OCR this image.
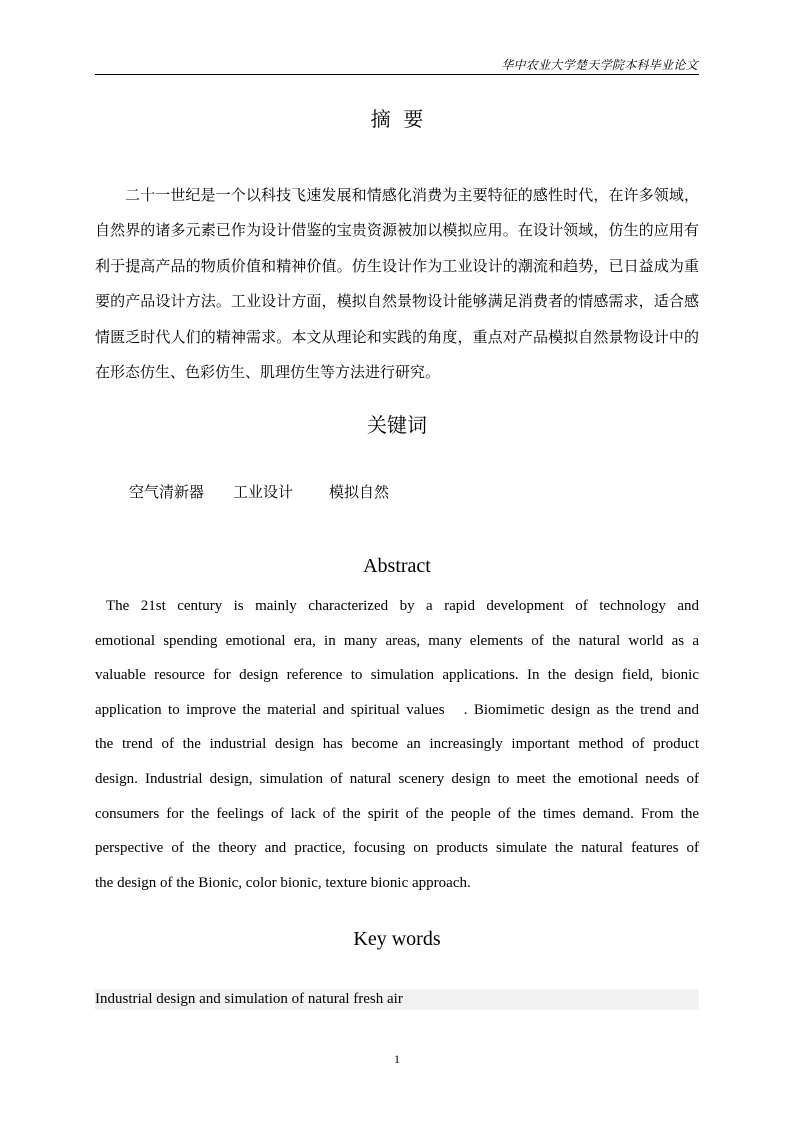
华中农业大学楚天学院本科毕业论文
摘  要
二十一世纪是一个以科技飞速发展和情感化消费为主要特征的感性时代，在许多领域，自然界的诸多元素已作为设计借鉴的宝贵资源被加以模拟应用。在设计领域，仿生的应用有利于提高产品的物质价值和精神价值。仿生设计作为工业设计的潮流和趋势，已日益成为重要的产品设计方法。工业设计方面，模拟自然景物设计能够满足消费者的情感需求，适合感情匮乏时代人们的精神需求。本文从理论和实践的角度，重点对产品模拟自然景物设计中的在形态仿生、色彩仿生、肌理仿生等方法进行研究。
关键词
空气清新器 工业设计 模拟自然
Abstract
The 21st century is mainly characterized by a rapid development of technology and
emotional spending emotional era, in many areas, many elements of the natural world as a
valuable resource for design reference to simulation applications. In the design field, bionic
application to improve the material and spiritual values   . Biomimetic design as the trend and
the trend of the industrial design has become an increasingly important method of product
design. Industrial design, simulation of natural scenery design to meet the emotional needs of
consumers for the feelings of lack of the spirit of the people of the times demand. From the
perspective of the theory and practice, focusing on products simulate the natural features of
the design of the Bionic, color bionic, texture bionic approach.
Key words
Industrial design and simulation of natural fresh air
1
